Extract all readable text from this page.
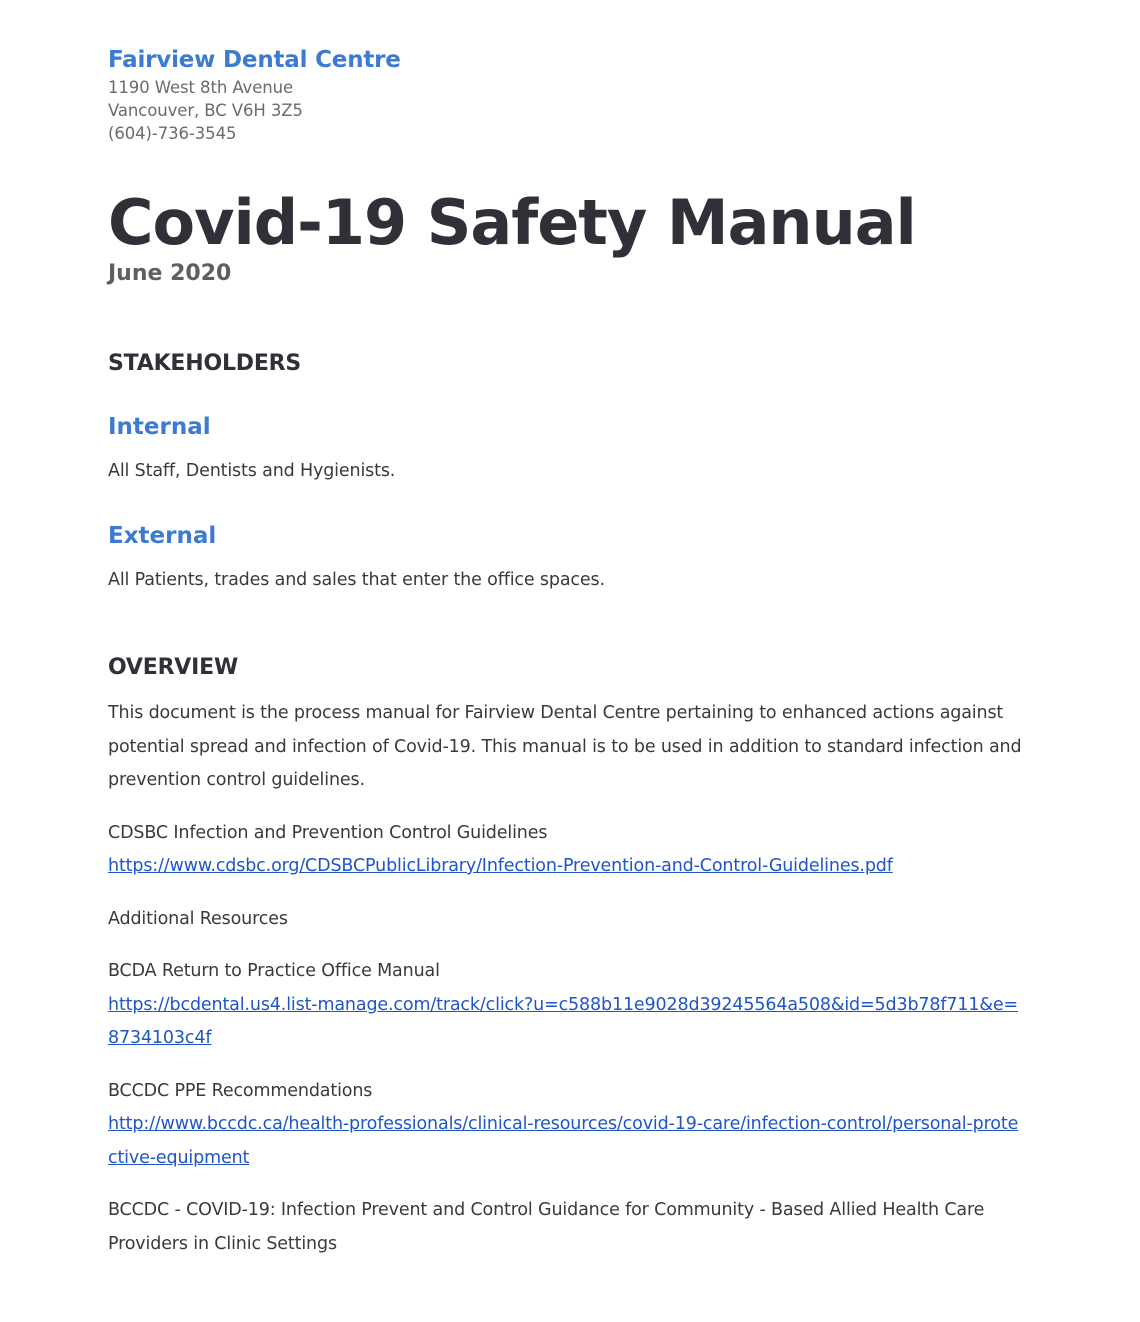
Fairview Dental Centre

1190 West 8th Avenue

Vancouver, BC V6H 3Z5

(604)-736-3545

Covid-19 Safety Manual

June 2020

STAKEHOLDERS
Internal

All Staff, Dentists and Hygienists.

External

All Patients, trades and sales that enter the office spaces.

OVERVIEW

This document is the process manual for Fairview Dental Centre pertaining to enhanced actions against potential spread and infection of Covid-19. This manual is to be used in addition to standard infection and prevention control guidelines.

CDSBC Infection and Prevention Control Guidelines

https://www.cdsbc.org/CDSBCPublicLibrary/Infection-Prevention-and-Control-Guidelines.pdf

Additional Resources

BCDA Return to Practice Office Manual

https://bcdental.us4.list-manage.com/track/click?u=c588b11e9028d39245564a508&id=5d3b78f711&e=8734103c4f

BCCDC PPE Recommendations

http://www.bccdc.ca/health-professionals/clinical-resources/covid-19-care/infection-control/personal-protective-equipment

BCCDC - COVID-19: Infection Prevent and Control Guidance for Community - Based Allied Health Care Providers in Clinic Settings
